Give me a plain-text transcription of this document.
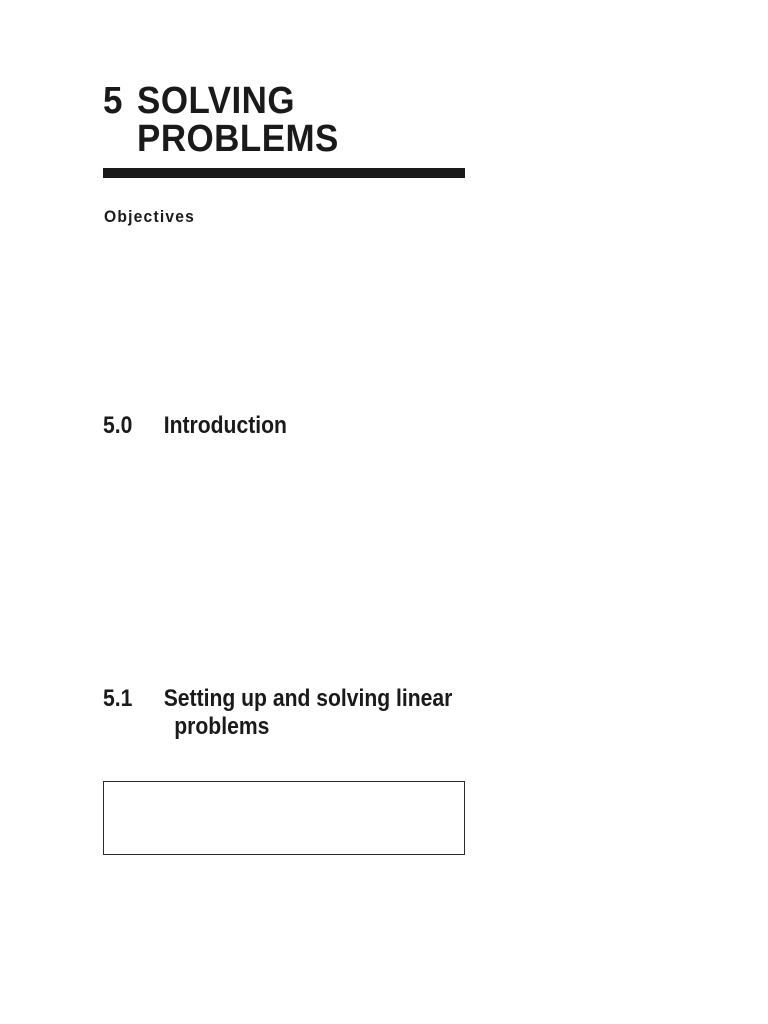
5 SOLVING
PROBLEMS
Objectives
5.0 Introduction
5.1 Setting up and solving linear
problems
